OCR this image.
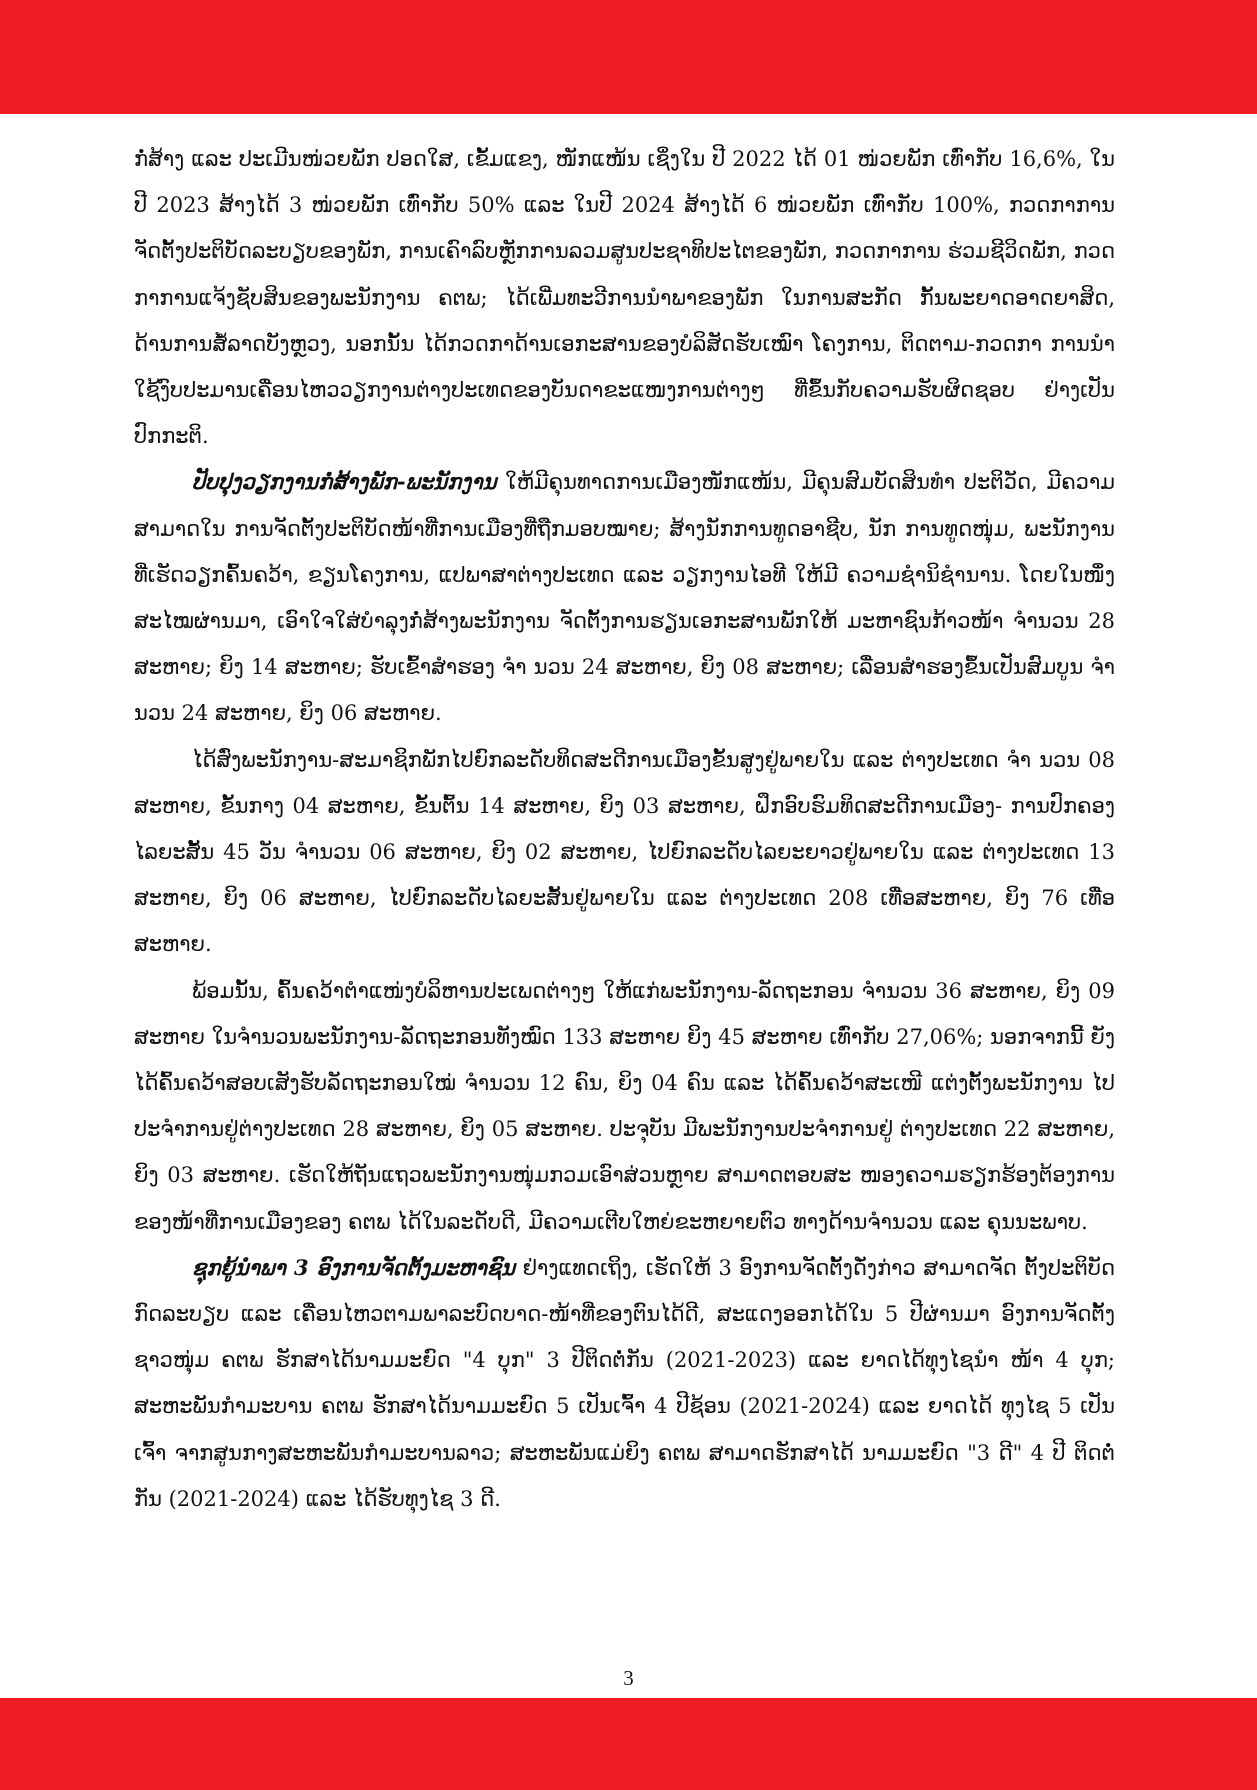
ກໍ່ສ້າງ ແລະ ປະເມີນໜ່ວຍພັກ ປອດໃສ, ເຂັ້ມແຂງ, ໜັກແໜ້ນ ເຊິ່ງໃນ ປີ 2022 ໄດ້ 01 ໜ່ວຍພັກ ເທົ່າກັບ 16,6%, ໃນປີ 2023 ສ້າງໄດ້ 3 ໜ່ວຍພັກ ເທົ່າກັບ 50% ແລະ ໃນປີ 2024 ສ້າງໄດ້ 6 ໜ່ວຍພັກ ເທົ່າກັບ 100%, ກວດກາການຈັດຕັ້ງປະຕິບັດລະບຽບຂອງພັກ, ການເຄົາລົບຫຼັກການລວມສູນປະຊາທິປະໄຕຂອງພັກ, ກວດກາການ ຮ່ວມຊີວິດພັກ, ກວດກາການແຈ້ງຊັບສິນຂອງພະນັກງານ ຄຕພ; ໄດ້ເພີ່ມທະວີການນໍາພາຂອງພັກ ໃນການສະກັດ ກັ້ນພະຍາດອາດຍາສິດ, ດ້ານການສໍ້ລາດບັງຫຼວງ, ນອກນັ້ນ ໄດ້ກວດກາດ້ານເອກະສານຂອງບໍລິສັດຮັບເໝົາ ໂຄງການ, ຕິດຕາມ-ກວດກາ ການນໍາໃຊ້ງົບປະມານເຄື່ອນໄຫວວຽກງານຕ່າງປະເທດຂອງບັນດາຂະແໜງການຕ່າງໆ ທີ່ຂຶ້ນກັບຄວາມຮັບຜິດຊອບ ຢ່າງເປັນປົກກະຕິ.

ປັບປຸງວຽກງານກໍ່ສ້າງພັກ-ພະນັກງານ ໃຫ້ມີຄຸນທາດການເມືອງໜັກແໜ້ນ, ມີຄຸນສົມບັດສິນທໍາ ປະຕິວັດ, ມີຄວາມສາມາດໃນ ການຈັດຕັ້ງປະຕິບັດໜ້າທີ່ການເມືອງທີ່ຖືກມອບໝາຍ; ສ້າງນັກການທູດອາຊີບ, ນັກ ການທູດໜຸ່ມ, ພະນັກງານທີ່ເຮັດວຽກຄົ້ນຄວ້າ, ຂຽນໂຄງການ, ແປພາສາຕ່າງປະເທດ ແລະ ວຽກງານໄອທີ ໃຫ້ມີ ຄວາມຊໍານິຊໍານານ. ໂດຍໃນໜຶ່ງສະໄໝຜ່ານມາ, ເອົາໃຈໃສ່ບໍາລຸງກໍ່ສ້າງພະນັກງານ ຈັດຕັ້ງການຮຽນເອກະສານພັກໃຫ້ ມະຫາຊົນກ້າວໜ້າ ຈໍານວນ 28 ສະຫາຍ; ຍິງ 14 ສະຫາຍ; ຮັບເຂົ້າສໍາຮອງ ຈໍາ ນວນ 24 ສະຫາຍ, ຍິງ 08 ສະຫາຍ; ເລື່ອນສໍາຮອງຂຶ້ນເປັນສົມບູນ ຈໍານວນ 24 ສະຫາຍ, ຍິງ 06 ສະຫາຍ.

ໄດ້ສົ່ງພະນັກງານ-ສະມາຊິກພັກໄປຍົກລະດັບທິດສະດີການເມືອງຂັ້ນສູງຢູ່ພາຍໃນ ແລະ ຕ່າງປະເທດ ຈໍາ ນວນ 08 ສະຫາຍ, ຂັ້ນກາງ 04 ສະຫາຍ, ຂັ້ນຕົ້ນ 14 ສະຫາຍ, ຍິງ 03 ສະຫາຍ, ຝຶກອົບຮົມທິດສະດີການເມືອງ- ການປົກຄອງໄລຍະສັ້ນ 45 ວັນ ຈໍານວນ 06 ສະຫາຍ, ຍິງ 02 ສະຫາຍ, ໄປຍົກລະດັບໄລຍະຍາວຢູ່ພາຍໃນ ແລະ ຕ່າງປະເທດ 13 ສະຫາຍ, ຍິງ 06 ສະຫາຍ, ໄປຍົກລະດັບໄລຍະສັ້ນຢູ່ພາຍໃນ ແລະ ຕ່າງປະເທດ 208 ເທື່ອສະຫາຍ, ຍິງ 76 ເທື່ອສະຫາຍ.

ພ້ອມນັ້ນ, ຄົ້ນຄວ້າຕໍາແໜ່ງບໍລິຫານປະເພດຕ່າງໆ ໃຫ້ແກ່ພະນັກງານ-ລັດຖະກອນ ຈໍານວນ 36 ສະຫາຍ, ຍິງ 09 ສະຫາຍ ໃນຈໍານວນພະນັກງານ-ລັດຖະກອນທັງໝົດ 133 ສະຫາຍ ຍິງ 45 ສະຫາຍ ເທົ່າກັບ 27,06%; ນອກຈາກນີ້ ຍັງໄດ້ຄົ້ນຄວ້າສອບເສັງຮັບລັດຖະກອນໃໝ່ ຈໍານວນ 12 ຄົນ, ຍິງ 04 ຄົນ ແລະ ໄດ້ຄົ້ນຄວ້າສະເໜີ ແຕ່ງຕັ້ງພະນັກງານ ໄປປະຈໍາການຢູ່ຕ່າງປະເທດ 28 ສະຫາຍ, ຍິງ 05 ສະຫາຍ. ປະຈຸບັນ ມີພະນັກງານປະຈໍາການຢູ່ ຕ່າງປະເທດ 22 ສະຫາຍ, ຍິງ 03 ສະຫາຍ. ເຮັດໃຫ້ຖັນແຖວພະນັກງານໜຸ່ມກວມເອົາສ່ວນຫຼາຍ ສາມາດຕອບສະ ໜອງຄວາມຮຽກຮ້ອງຕ້ອງການຂອງໜ້າທີ່ການເມືອງຂອງ ຄຕພ ໄດ້ໃນລະດັບດີ, ມີຄວາມເຕີບໃຫຍ່ຂະຫຍາຍຕົວ ທາງດ້ານຈໍານວນ ແລະ ຄຸນນະພາບ.

ຊຸກຍູ້ນໍາພາ 3 ອົງການຈັດຕັ້ງມະຫາຊົນ ຢ່າງແທດເຖິງ, ເຮັດໃຫ້ 3 ອົງການຈັດຕັ້ງດັ່ງກ່າວ ສາມາດຈັດ ຕັ້ງປະຕິບັດກົດລະບຽບ ແລະ ເຄື່ອນໄຫວຕາມພາລະບົດບາດ-ໜ້າທີ່ຂອງຕົນໄດ້ດີ, ສະແດງອອກໄດ້ໃນ 5 ປີຜ່ານມາ ອົງການຈັດຕັ້ງຊາວໜຸ່ມ ຄຕພ ຮັກສາໄດ້ນາມມະຍົດ "4 ບຸກ" 3 ປີຕິດຕໍ່ກັນ (2021-2023) ແລະ ຍາດໄດ້ທຸງໄຊນໍາ ໜ້າ 4 ບຸກ; ສະຫະພັນກໍາມະບານ ຄຕພ ຮັກສາໄດ້ນາມມະຍົດ 5 ເປັນເຈົ້າ 4 ປີຊ້ອນ (2021-2024) ແລະ ຍາດໄດ້ ທຸງໄຊ 5 ເປັນເຈົ້າ ຈາກສູນກາງສະຫະພັນກໍາມະບານລາວ; ສະຫະພັນແມ່ຍິງ ຄຕພ ສາມາດຮັກສາໄດ້ ນາມມະຍົດ "3 ດີ" 4 ປີ ຕິດຕໍ່ກັນ (2021-2024) ແລະ ໄດ້ຮັບທຸງໄຊ 3 ດີ.

3
